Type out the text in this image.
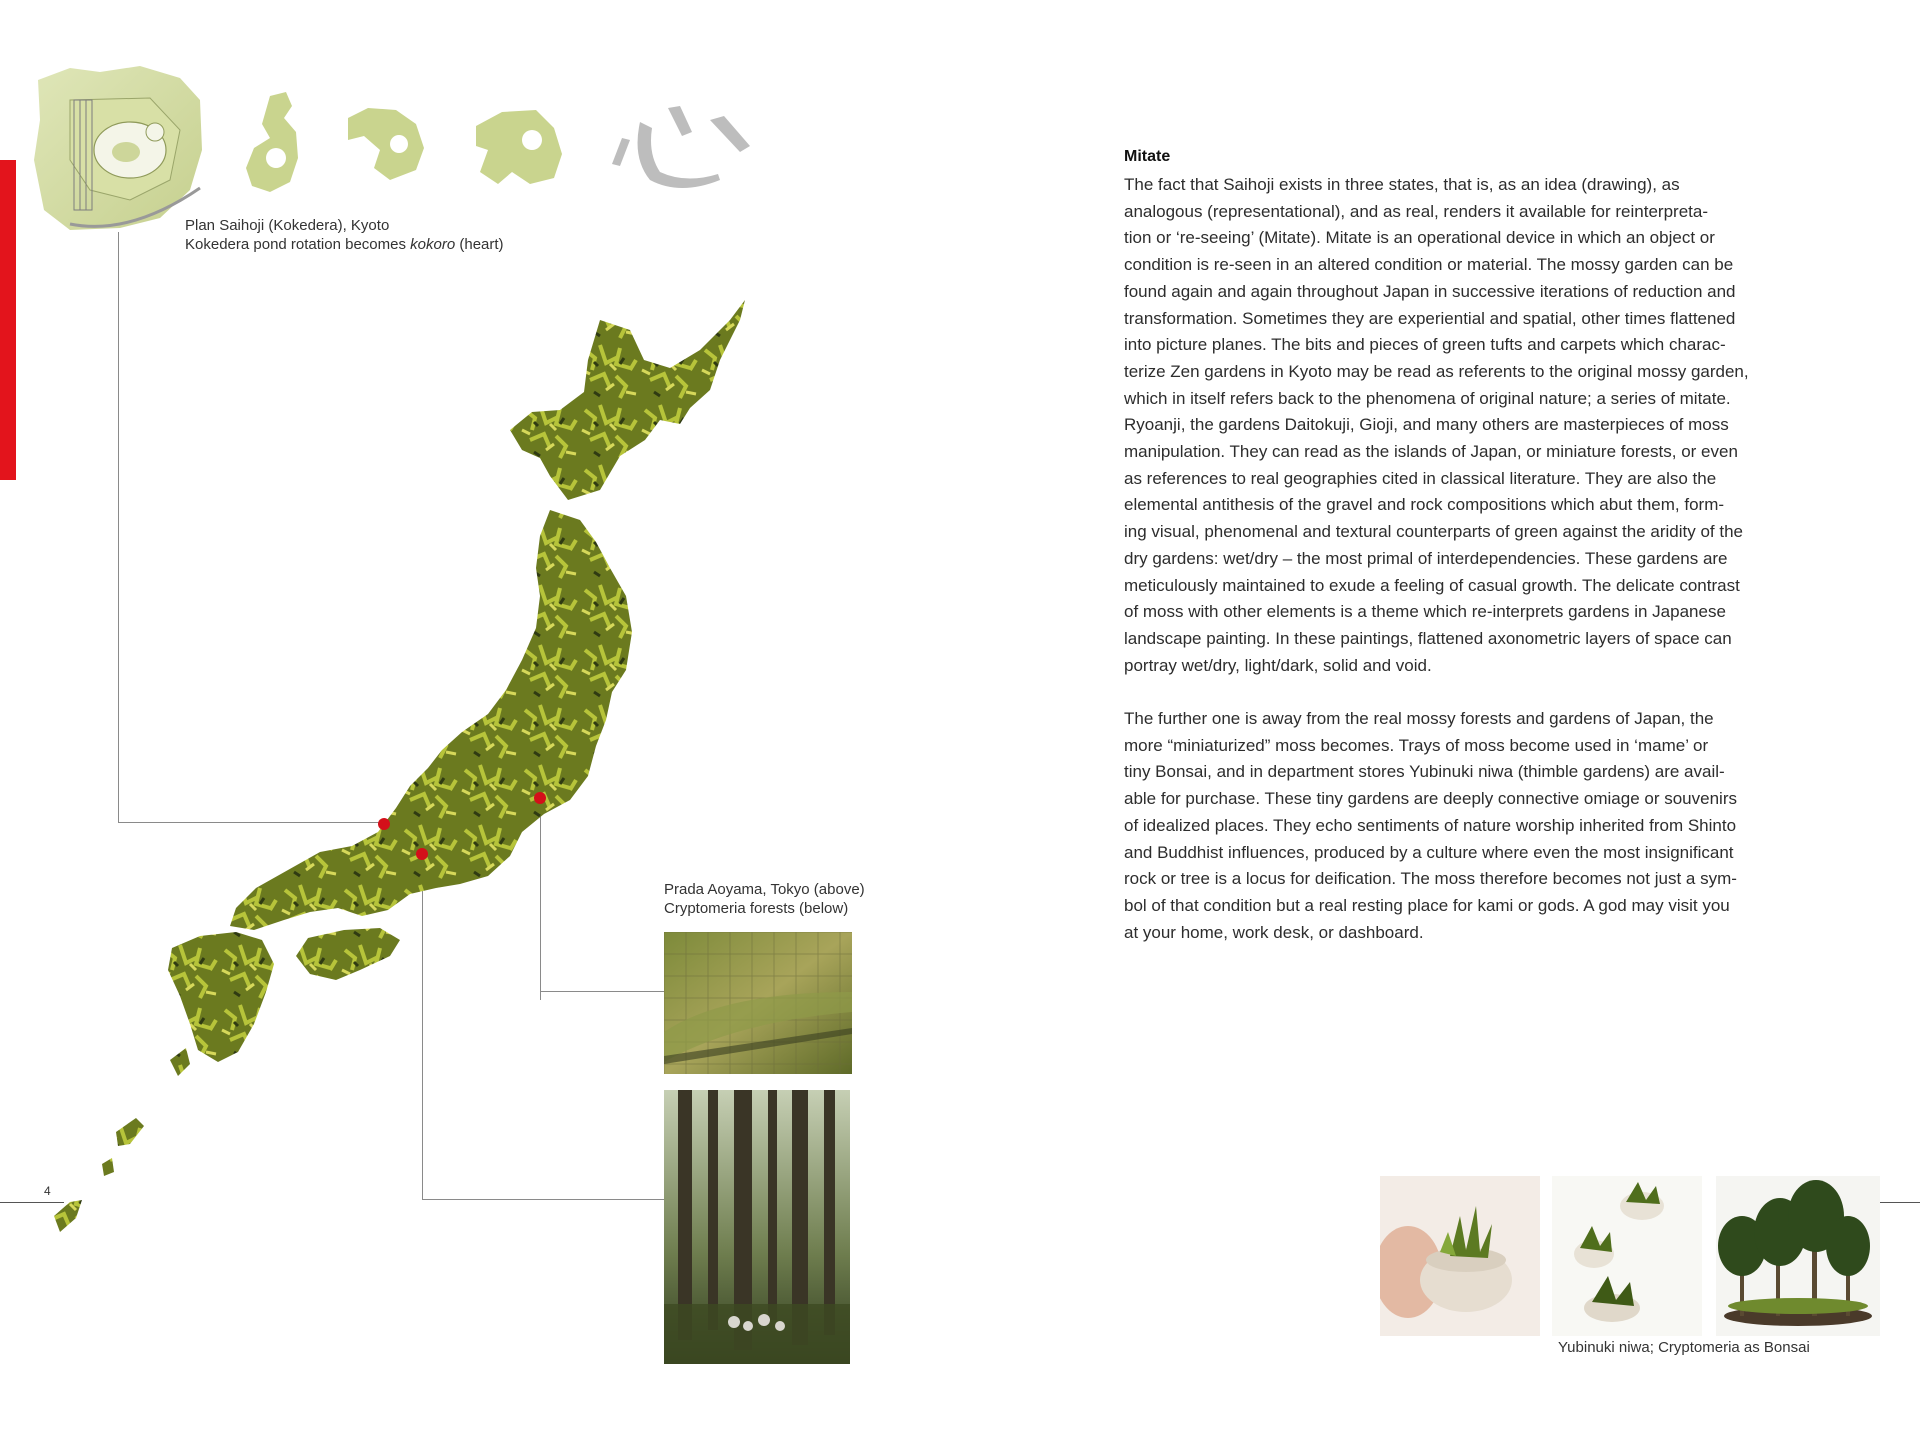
Plan Saihoji (Kokedera), Kyoto
Kokedera pond rotation becomes kokoro (heart)
Prada Aoyama, Tokyo (above)
Cryptomeria forests (below)
4
Mitate
The fact that Saihoji exists in three states, that is, as an idea (drawing), as
analogous (representational), and as real, renders it available for reinterpreta-
tion or ‘re-seeing’ (Mitate). Mitate is an operational device in which an object or
condition is re-seen in an altered condition or material. The mossy garden can be
found again and again throughout Japan in successive iterations of reduction and
transformation. Sometimes they are experiential and spatial, other times flattened
into picture planes. The bits and pieces of green tufts and carpets which charac-
terize Zen gardens in Kyoto may be read as referents to the original mossy garden,
which in itself refers back to the phenomena of original nature; a series of mitate.
Ryoanji, the gardens Daitokuji, Gioji, and many others are masterpieces of moss
manipulation. They can read as the islands of Japan, or miniature forests, or even
as references to real geographies cited in classical literature. They are also the
elemental antithesis of the gravel and rock compositions which abut them, form-
ing visual, phenomenal and textural counterparts of green against the aridity of the
dry gardens: wet/dry – the most primal of interdependencies. These gardens are
meticulously maintained to exude a feeling of casual growth. The delicate contrast
of moss with other elements is a theme which re-interprets gardens in Japanese
landscape painting. In these paintings, flattened axonometric layers of space can
portray wet/dry, light/dark, solid and void.
The further one is away from the real mossy forests and gardens of Japan, the
more “miniaturized” moss becomes. Trays of moss become used in ‘mame’ or
tiny Bonsai, and in department stores Yubinuki niwa (thimble gardens) are avail-
able for purchase. These tiny gardens are deeply connective omiage or souvenirs
of idealized places. They echo sentiments of nature worship inherited from Shinto
and Buddhist influences, produced by a culture where even the most insignificant
rock or tree is a locus for deification. The moss therefore becomes not just a sym-
bol of that condition but a real resting place for kami or gods. A god may visit you
at your home, work desk, or dashboard.
Yubinuki niwa; Cryptomeria as Bonsai
